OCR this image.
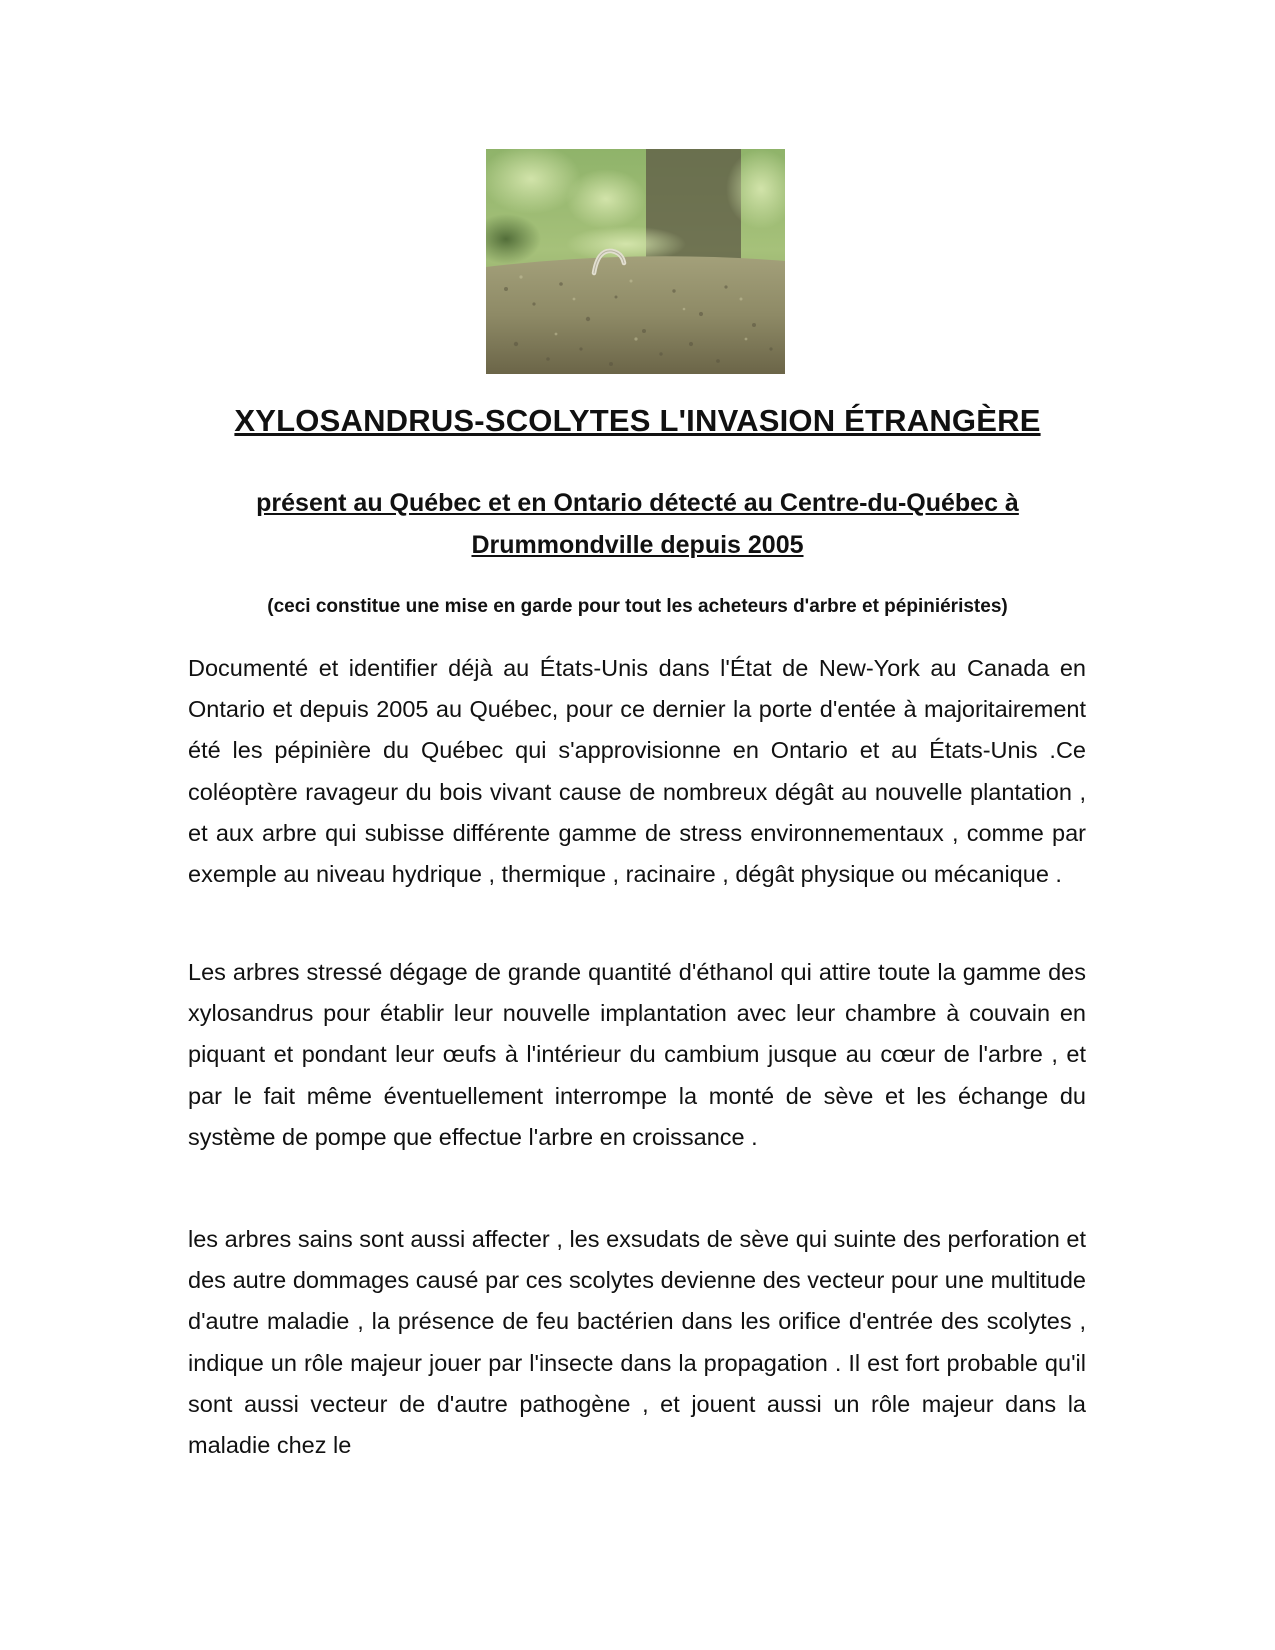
XYLOSANDRUS-SCOLYTES L'INVASION ÉTRANGÈRE
présent au Québec et en Ontario détecté au Centre-du-Québec à Drummondville depuis 2005

(ceci constitue une mise en garde pour tout les acheteurs d'arbre et pépiniéristes)

Documenté et identifier déjà au États-Unis dans l'État de New-York au Canada en Ontario et depuis 2005 au Québec, pour ce dernier la porte d'entée à majoritairement été les pépinière du Québec qui s'approvisionne en Ontario et au États-Unis .Ce coléoptère ravageur du bois vivant cause de nombreux dégât au nouvelle plantation , et aux arbre qui subisse différente gamme de stress environnementaux , comme par exemple au niveau hydrique , thermique , racinaire , dégât physique ou mécanique .

Les arbres stressé dégage de grande quantité d'éthanol qui attire toute la gamme des xylosandrus pour établir leur nouvelle implantation avec leur chambre à couvain en piquant et pondant leur œufs à l'intérieur du cambium jusque au cœur de l'arbre , et par le fait même éventuellement interrompe la monté de sève et les échange du système de pompe que effectue l'arbre en croissance .

les arbres sains sont aussi affecter , les exsudats de sève qui suinte des perforation et des autre dommages causé par ces scolytes devienne des vecteur pour une multitude d'autre maladie , la présence de feu bactérien dans les orifice d'entrée des scolytes , indique un rôle majeur jouer par l'insecte dans la propagation . Il est fort probable qu'il sont aussi vecteur de d'autre pathogène , et jouent aussi un rôle majeur dans la maladie chez le
